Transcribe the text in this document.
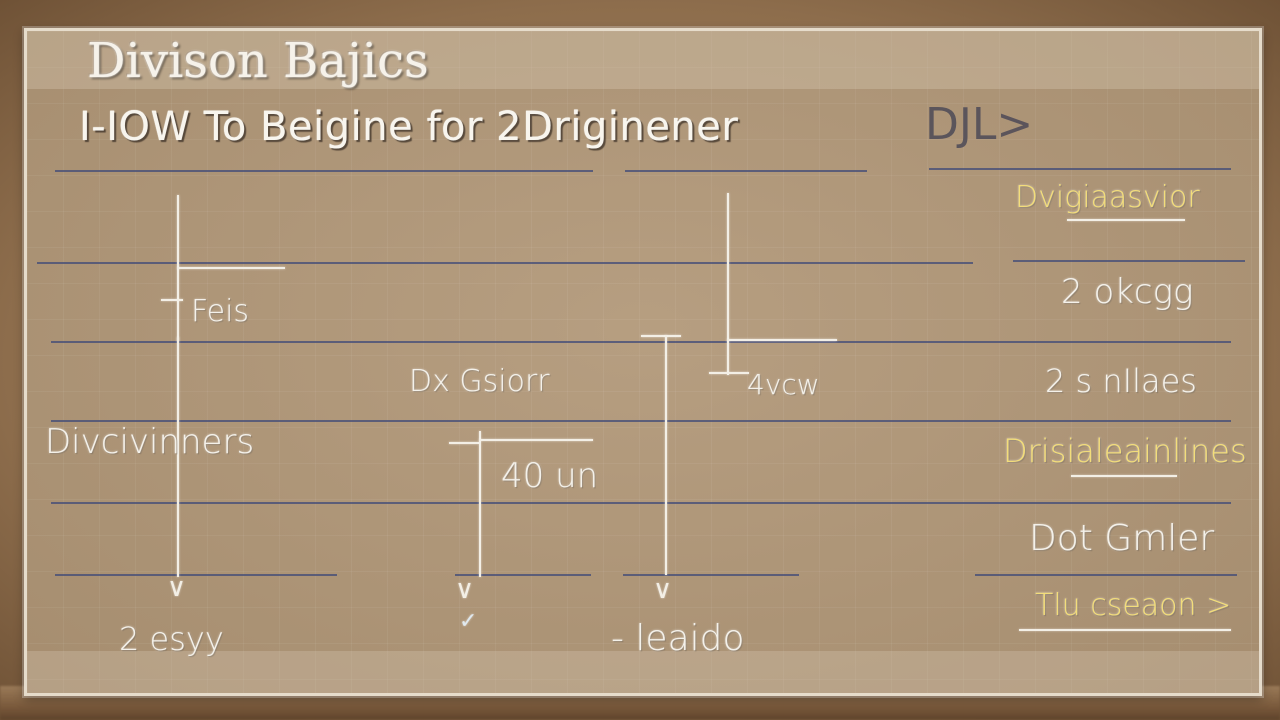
Divison Bajics
I-IOW To Beigine for 2Driginener	DJL>
∨
Feis
Divcivinners
2 esyy
Dx Gsiorr
40 un
∨
✓
4vcw
∨
- leaido
Dvigiaasvior
2 okcgg
2 s nIlaes
Drisialeainlines
Dot Gmler
Tlu cseaon >
